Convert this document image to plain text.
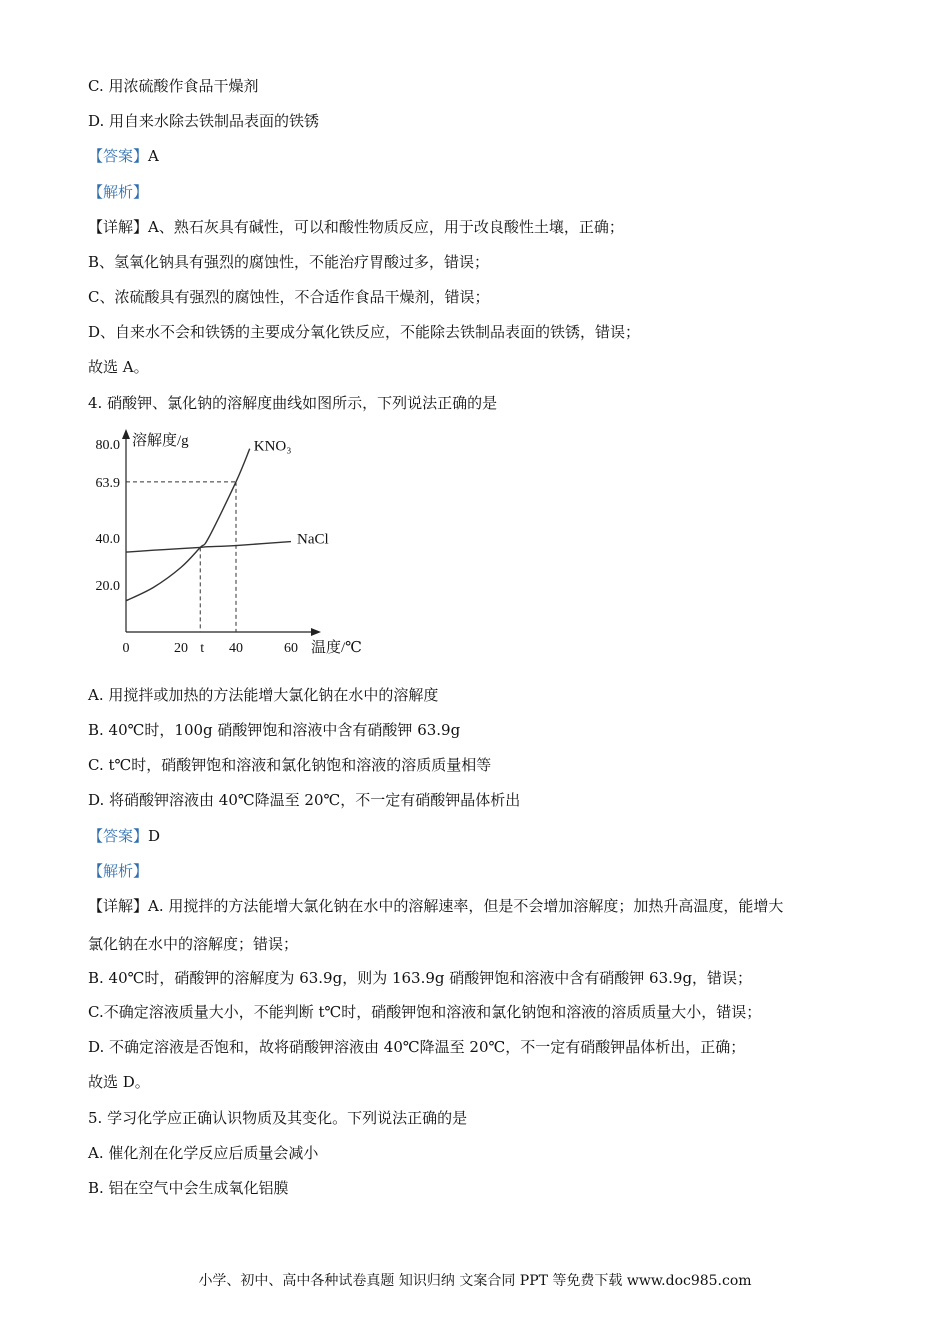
C. 用浓硫酸作食品干燥剂
D. 用自来水除去铁制品表面的铁锈
【答案】A
【解析】
【详解】A、熟石灰具有碱性，可以和酸性物质反应，用于改良酸性土壤，正确；
B、氢氧化钠具有强烈的腐蚀性，不能治疗胃酸过多，错误；
C、浓硫酸具有强烈的腐蚀性，不合适作食品干燥剂，错误；
D、自来水不会和铁锈的主要成分氧化铁反应，不能除去铁制品表面的铁锈，错误；
故选 A。
4. 硝酸钾、氯化钠的溶解度曲线如图所示，下列说法正确的是
溶解度/g
温度/℃
20.0
40.0
63.9
80.0
0	20 t 40	60
KNO₃
NaCl
A. 用搅拌或加热的方法能增大氯化钠在水中的溶解度
B. 40℃时，100g 硝酸钾饱和溶液中含有硝酸钾 63.9g
C. t℃时，硝酸钾饱和溶液和氯化钠饱和溶液的溶质质量相等
D. 将硝酸钾溶液由 40℃降温至 20℃，不一定有硝酸钾晶体析出
【答案】D
【解析】
【详解】A. 用搅拌的方法能增大氯化钠在水中的溶解速率，但是不会增加溶解度；加热升高温度，能增大
氯化钠在水中的溶解度；错误；
B. 40℃时，硝酸钾的溶解度为 63.9g，则为 163.9g 硝酸钾饱和溶液中含有硝酸钾 63.9g，错误；
C.不确定溶液质量大小，不能判断 t℃时，硝酸钾饱和溶液和氯化钠饱和溶液的溶质质量大小，错误；
D. 不确定溶液是否饱和，故将硝酸钾溶液由 40℃降温至 20℃，不一定有硝酸钾晶体析出，正确；
故选 D。
5. 学习化学应正确认识物质及其变化。下列说法正确的是
A. 催化剂在化学反应后质量会减小
B. 铝在空气中会生成氧化铝膜
小学、初中、高中各种试卷真题 知识归纳 文案合同 PPT 等免费下载 www.doc985.com
